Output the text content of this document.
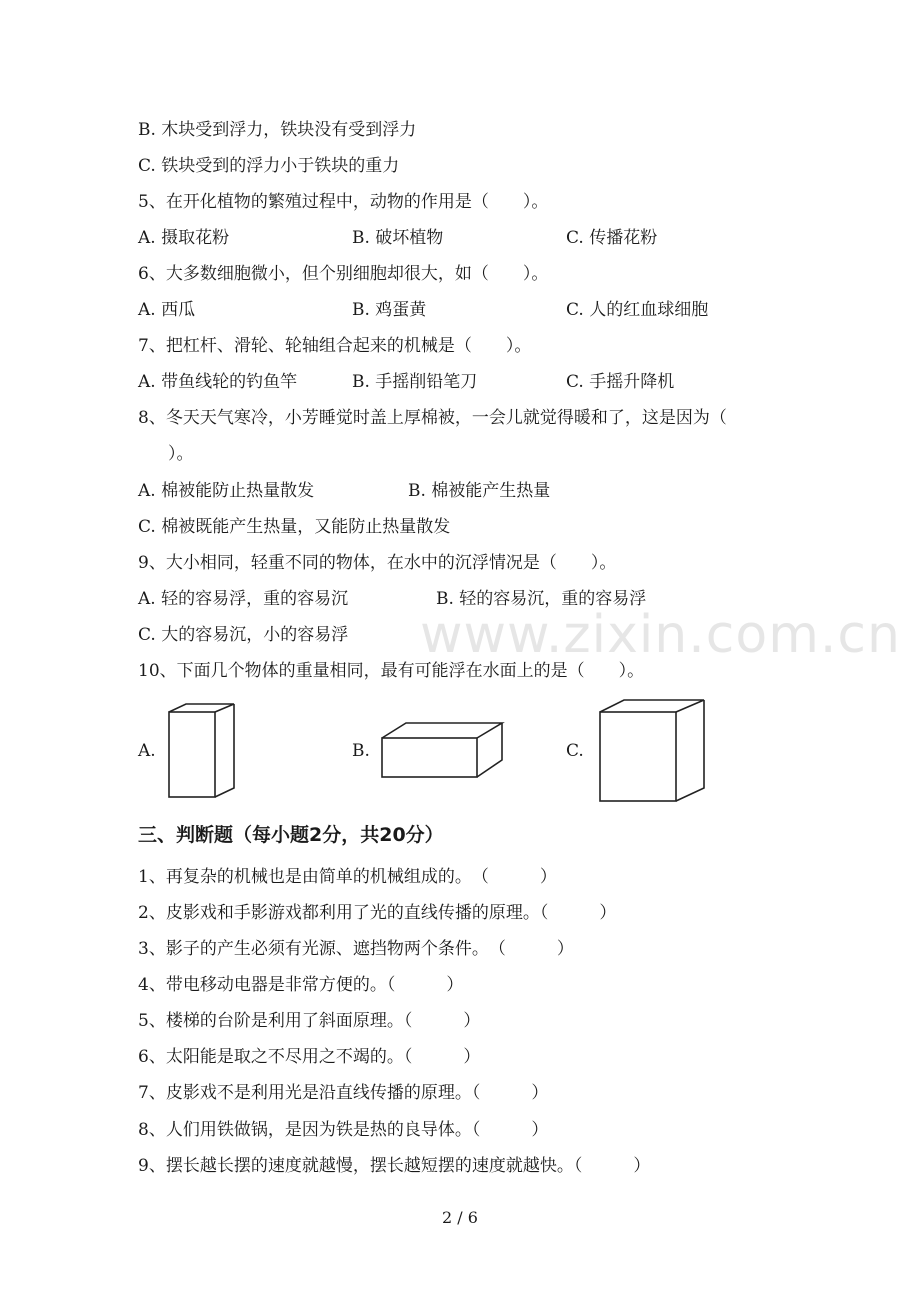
www.zixin.com.cn
B. 木块受到浮力，铁块没有受到浮力
C. 铁块受到的浮力小于铁块的重力
5、在开化植物的繁殖过程中，动物的作用是（　　）。
A. 摄取花粉	B. 破坏植物	C. 传播花粉
6、大多数细胞微小，但个别细胞却很大，如（　　）。
A. 西瓜	B. 鸡蛋黄	C. 人的红血球细胞
7、把杠杆、滑轮、轮轴组合起来的机械是（　　）。
A. 带鱼线轮的钓鱼竿	B. 手摇削铅笔刀	C. 手摇升降机
8、冬天天气寒冷，小芳睡觉时盖上厚棉被，一会儿就觉得暖和了，这是因为（
）。
A. 棉被能防止热量散发	B. 棉被能产生热量
C. 棉被既能产生热量，又能防止热量散发
9、大小相同，轻重不同的物体，在水中的沉浮情况是（　　）。
A. 轻的容易浮，重的容易沉	B. 轻的容易沉，重的容易浮
C. 大的容易沉，小的容易浮
10、下面几个物体的重量相同，最有可能浮在水面上的是（　　）。
A.	B.	C.
三、判断题（每小题2分，共20分）
1、再复杂的机械也是由简单的机械组成的。　（　　　）
2、皮影戏和手影游戏都利用了光的直线传播的原理。（　　　）
3、影子的产生必须有光源、遮挡物两个条件。　（　　　）
4、带电移动电器是非常方便的。（　　　）
5、楼梯的台阶是利用了斜面原理。（　　　）
6、太阳能是取之不尽用之不竭的。（　　　）
7、皮影戏不是利用光是沿直线传播的原理。（　　　）
8、人们用铁做锅，是因为铁是热的良导体。（　　　）
9、摆长越长摆的速度就越慢，摆长越短摆的速度就越快。（　　　）
2 / 6
